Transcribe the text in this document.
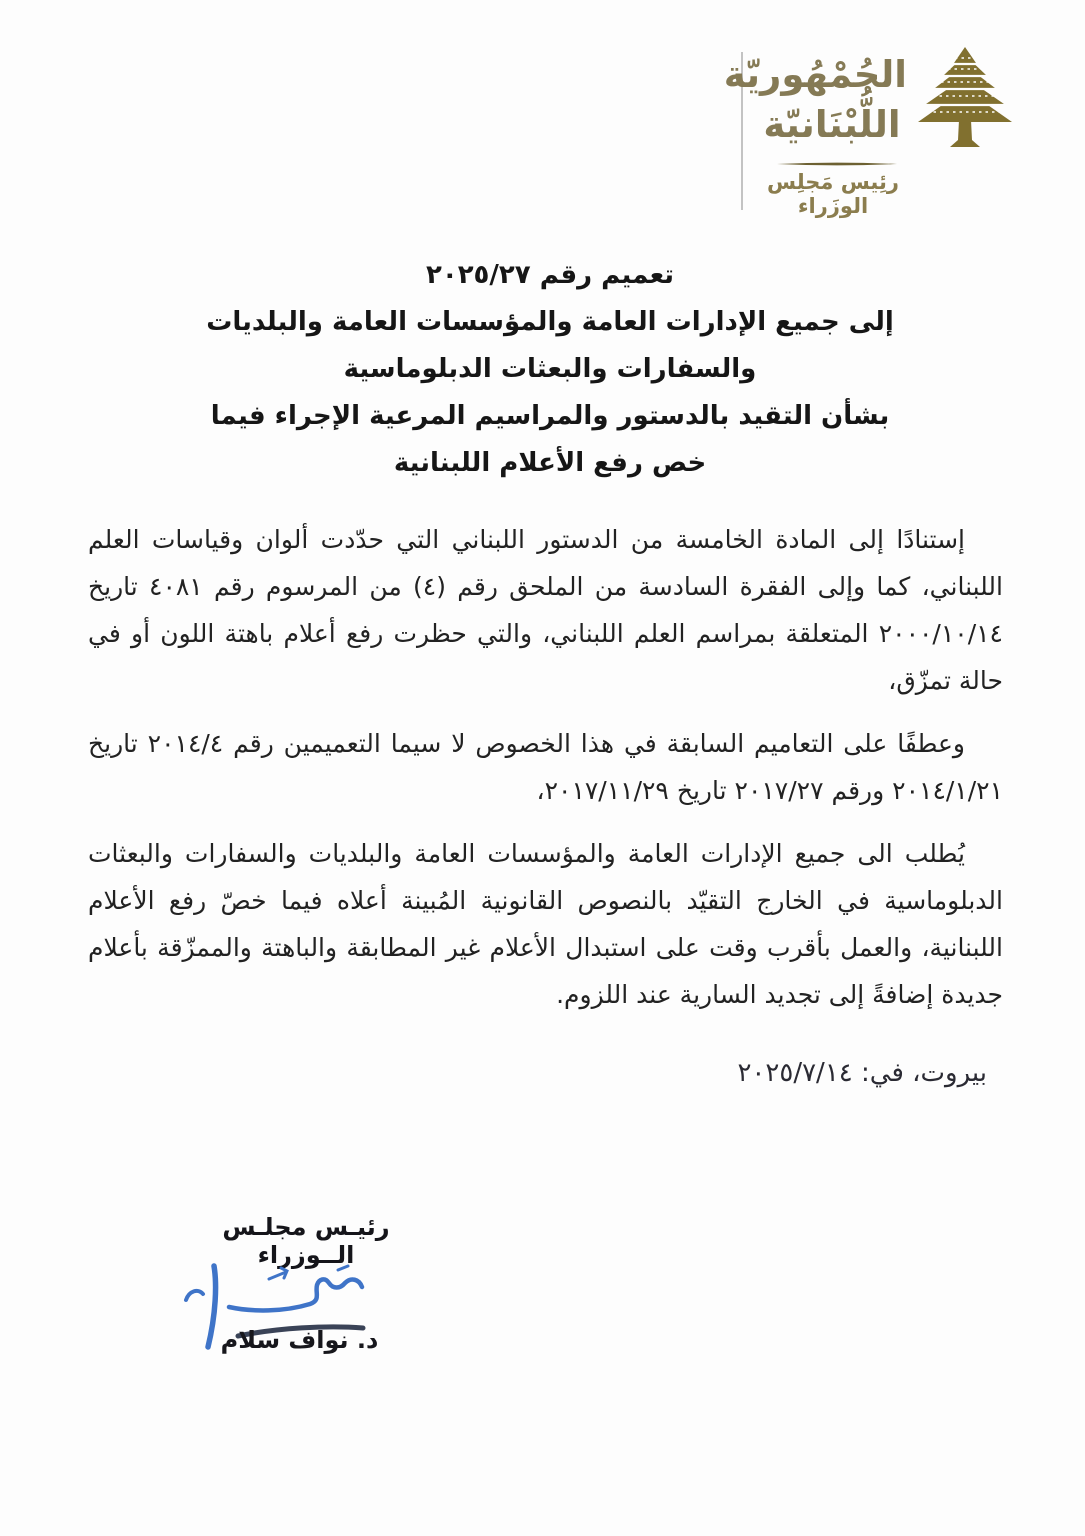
الجُمْهُوريّة
اللُّبْنَانيّة
رئِيس مَجلِس الوزَراء
تعميم رقم ٢٠٢٥/٢٧
إلى جميع الإدارات العامة والمؤسسات العامة والبلديات والسفارات والبعثات الدبلوماسية
بشأن التقيد بالدستور والمراسيم المرعية الإجراء فيما خص رفع الأعلام اللبنانية

إستنادًا إلى المادة الخامسة من الدستور اللبناني التي حدّدت ألوان وقياسات العلم اللبناني، كما وإلى الفقرة السادسة من الملحق رقم (٤) من المرسوم رقم ٤٠٨١ تاريخ ٢٠٠٠/١٠/١٤ المتعلقة بمراسم العلم اللبناني، والتي حظرت رفع أعلام باهتة اللون أو في حالة تمزّق،

وعطفًا على التعاميم السابقة في هذا الخصوص لا سيما التعميمين رقم ٢٠١٤/٤ تاريخ ٢٠١٤/١/٢١ ورقم ٢٠١٧/٢٧ تاريخ ٢٠١٧/١١/٢٩،

يُطلب الى جميع الإدارات العامة والمؤسسات العامة والبلديات والسفارات والبعثات الدبلوماسية في الخارج التقيّد بالنصوص القانونية المُبينة أعلاه فيما خصّ رفع الأعلام اللبنانية، والعمل بأقرب وقت على استبدال الأعلام غير المطابقة والباهتة والممزّقة بأعلام جديدة إضافةً إلى تجديد السارية عند اللزوم.

بيروت، في: ٢٠٢٥/٧/١٤
رئيـس مجلـس الــوزراء
د. نواف سلام
